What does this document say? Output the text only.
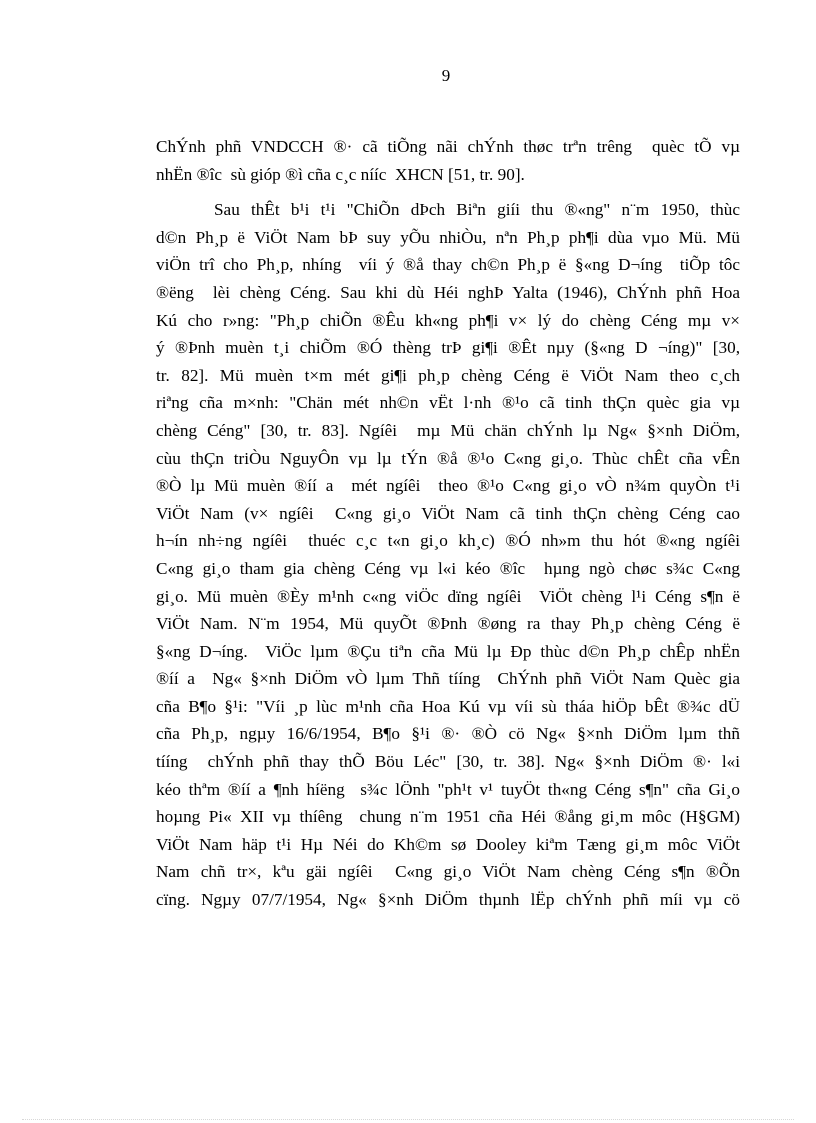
9
ChÝnh phñ VNDCCH ®· cã tiÕng nãi chÝnh thøc trªn trêng  quèc tÕ vµ
nhËn ®îc  sù gióp ®ì cña c¸c nííc  XHCN [51, tr. 90].
Sau thÊt b¹i t¹i "ChiÕn dÞch Biªn giíi thu ®«ng" n¨m 1950, thùc
d©n Ph¸p ë ViÖt Nam bÞ suy yÕu nhiÒu, nªn Ph¸p ph¶i dùa vµo Mü. Mü
viÖn trî cho Ph¸p, nhíng  víi ý ®å thay ch©n Ph¸p ë §«ng D¬íng  tiÕp tôc
®ëng  lèi chèng Céng. Sau khi dù Héi nghÞ Yalta (1946), ChÝnh phñ Hoa
Kú cho r»ng: "Ph¸p chiÕn ®Êu kh«ng ph¶i v× lý do chèng Céng mµ v×
ý ®Þnh muèn t¸i chiÕm ®Ó thèng trÞ gi¶i ®Êt nµy (§«ng D ¬íng)" [30,
tr. 82]. Mü muèn t×m mét gi¶i ph¸p chèng Céng ë ViÖt Nam theo c¸ch
riªng cña m×nh: "Chän mét nh©n vËt l·nh ®¹o cã tinh thÇn quèc gia vµ
chèng Céng" [30, tr. 83]. Ngíêi  mµ Mü chän chÝnh lµ Ng« §×nh DiÖm,
cùu thÇn triÒu NguyÔn vµ lµ tÝn ®å ®¹o C«ng gi¸o. Thùc chÊt cña vÊn
®Ò lµ Mü muèn ®íí a  mét ngíêi  theo ®¹o C«ng gi¸o vÒ n¾m quyÒn t¹i
ViÖt Nam (v× ngíêi  C«ng gi¸o ViÖt Nam cã tinh thÇn chèng Céng cao
h¬ín nh÷ng ngíêi  thuéc c¸c t«n gi¸o kh¸c) ®Ó nh»m thu hót ®«ng ngíêi
C«ng gi¸o tham gia chèng Céng vµ l«i kéo ®îc  hµng ngò chøc s¾c C«ng
gi¸o. Mü muèn ®Èy m¹nh c«ng viÖc dïng ngíêi  ViÖt chèng l¹i Céng s¶n ë
ViÖt Nam. N¨m 1954, Mü quyÕt ®Þnh ®øng ra thay Ph¸p chèng Céng ë
§«ng D¬íng.  ViÖc lµm ®Çu tiªn cña Mü lµ Ðp thùc d©n Ph¸p chÊp nhËn
®íí a  Ng« §×nh DiÖm vÒ lµm Thñ tííng  ChÝnh phñ ViÖt Nam Quèc gia
cña B¶o §¹i: "Víi ¸p lùc m¹nh cña Hoa Kú vµ víi sù tháa hiÖp bÊt ®¾c dÜ
cña Ph¸p, ngµy 16/6/1954, B¶o §¹i ®· ®Ò cö Ng« §×nh DiÖm lµm thñ
tííng  chÝnh phñ thay thÕ Böu Léc" [30, tr. 38]. Ng« §×nh DiÖm ®· l«i
kéo thªm ®íí a ¶nh híëng  s¾c lÖnh "ph¹t v¹ tuyÖt th«ng Céng s¶n" cña Gi¸o
hoµng Pi« XII vµ thíêng  chung n¨m 1951 cña Héi ®ång gi¸m môc (H§GM)
ViÖt Nam häp t¹i Hµ Néi do Kh©m sø Dooley kiªm Tæng gi¸m môc ViÖt
Nam chñ tr×, kªu gäi ngíêi  C«ng gi¸o ViÖt Nam chèng Céng s¶n ®Õn
cïng. Ngµy 07/7/1954, Ng« §×nh DiÖm thµnh lËp chÝnh phñ míi vµ cö
